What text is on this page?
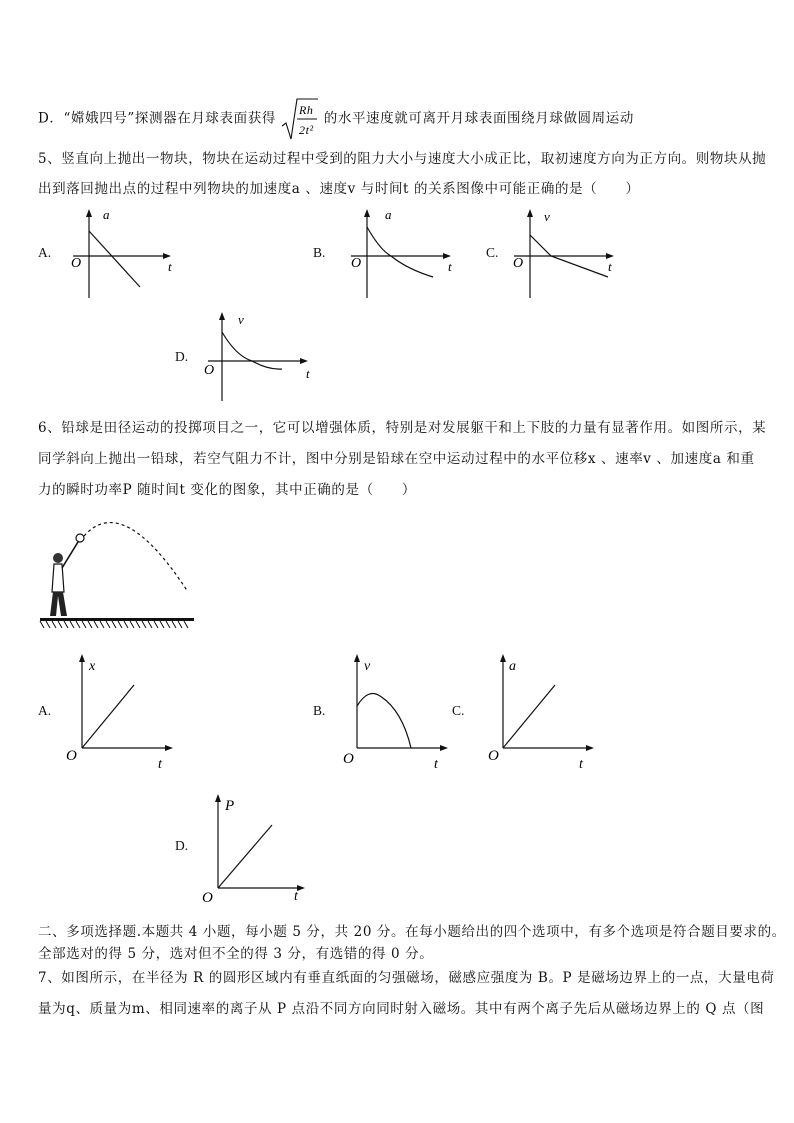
D．“嫦娥四号”探测器在月球表面获得
Rh
2t²
的水平速度就可离开月球表面围绕月球做圆周运动
5、竖直向上抛出一物块，物块在运动过程中受到的阻力大小与速度大小成正比，取初速度方向为正方向。则物块从抛
出到落回抛出点的过程中列物块的加速度a 、速度v 与时间t 的关系图像中可能正确的是（　　）
A.
a
t
O
B.
a
t
O
C.
v
t
O
D.
v
t
O
6、铅球是田径运动的投掷项目之一，它可以增强体质，特别是对发展躯干和上下肢的力量有显著作用。如图所示，某
同学斜向上抛出一铅球，若空气阻力不计，图中分别是铅球在空中运动过程中的水平位移x 、速率v 、加速度a 和重
力的瞬时功率P 随时间t 变化的图象，其中正确的是（　　）
A.
x
t
O
B.
v
t
O
C.
a
t
O
D.
P
t
O
二、多项选择题.本题共 4 小题，每小题 5 分，共 20 分。在每小题给出的四个选项中，有多个选项是符合题目要求的。
全部选对的得 5 分，选对但不全的得 3 分，有选错的得 0 分。
7、如图所示，在半径为 R 的圆形区域内有垂直纸面的匀强磁场，磁感应强度为 B。P 是磁场边界上的一点，大量电荷
量为q、质量为m、相同速率的离子从 P 点沿不同方向同时射入磁场。其中有两个离子先后从磁场边界上的 Q 点（图
